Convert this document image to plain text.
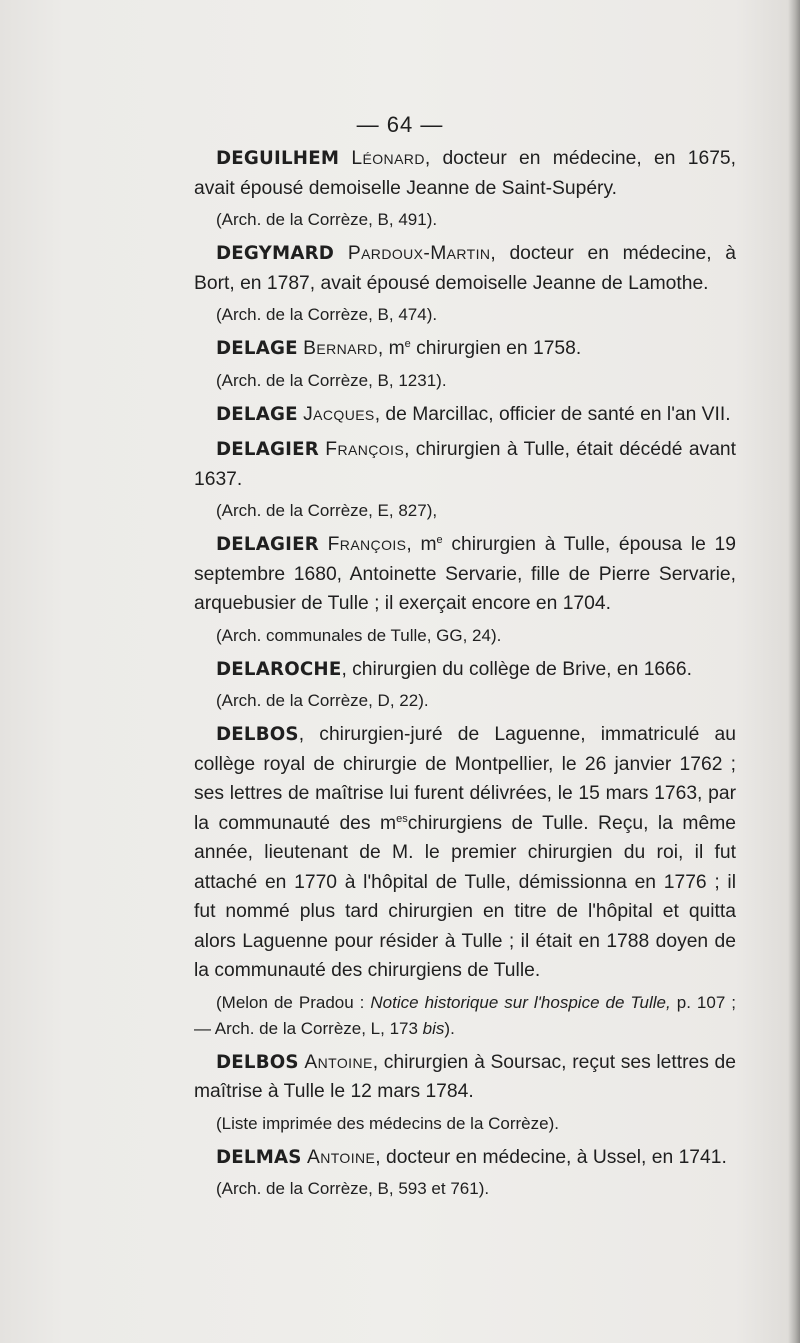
— 64 —

DEGUILHEM Léonard, docteur en médecine, en 1675, avait épousé demoiselle Jeanne de Saint-Supéry.

(Arch. de la Corrèze, B, 491).

DEGYMARD Pardoux-Martin, docteur en médecine, à Bort, en 1787, avait épousé demoiselle Jeanne de Lamothe.

(Arch. de la Corrèze, B, 474).

DELAGE Bernard, $m^e$ chirurgien en 1758.

(Arch. de la Corrèze, B, 1231).

DELAGE Jacques, de Marcillac, officier de santé en l'an VII.

DELAGIER François, chirurgien à Tulle, était décédé avant 1637.

(Arch. de la Corrèze, E, 827),

DELAGIER François, $m^e$ chirurgien à Tulle, épousa le 19 septembre 1680, Antoinette Servarie, fille de Pierre Servarie, arquebusier de Tulle ; il exerçait encore en 1704.

(Arch. communales de Tulle, GG, 24).

DELAROCHE, chirurgien du collège de Brive, en 1666.

(Arch. de la Corrèze, D, 22).

DELBOS, chirurgien-juré de Laguenne, immatriculé au collège royal de chirurgie de Montpellier, le 26 janvier 1762 ; ses lettres de maîtrise lui furent délivrées, le 15 mars 1763, par la communauté des $m^{es}chirurgiens$ de Tulle. Reçu, la même année, lieutenant de M. le premier chirurgien du roi, il fut attaché en 1770 à l'hôpital de Tulle, démissionna en 1776 ; il fut nommé plus tard chirurgien en titre de l'hôpital et quitta alors Laguenne pour résider à Tulle ; il était en 1788 doyen de la communauté des chirurgiens de Tulle.

(Melon de Pradou : Notice historique sur l'hospice de Tulle, p. 107 ; — Arch. de la Corrèze, L, 173 bis).

DELBOS Antoine, chirurgien à Soursac, reçut ses lettres de maîtrise à Tulle le 12 mars 1784.

(Liste imprimée des médecins de la Corrèze).

DELMAS Antoine, docteur en médecine, à Ussel, en 1741.

(Arch. de la Corrèze, B, 593 et 761).
